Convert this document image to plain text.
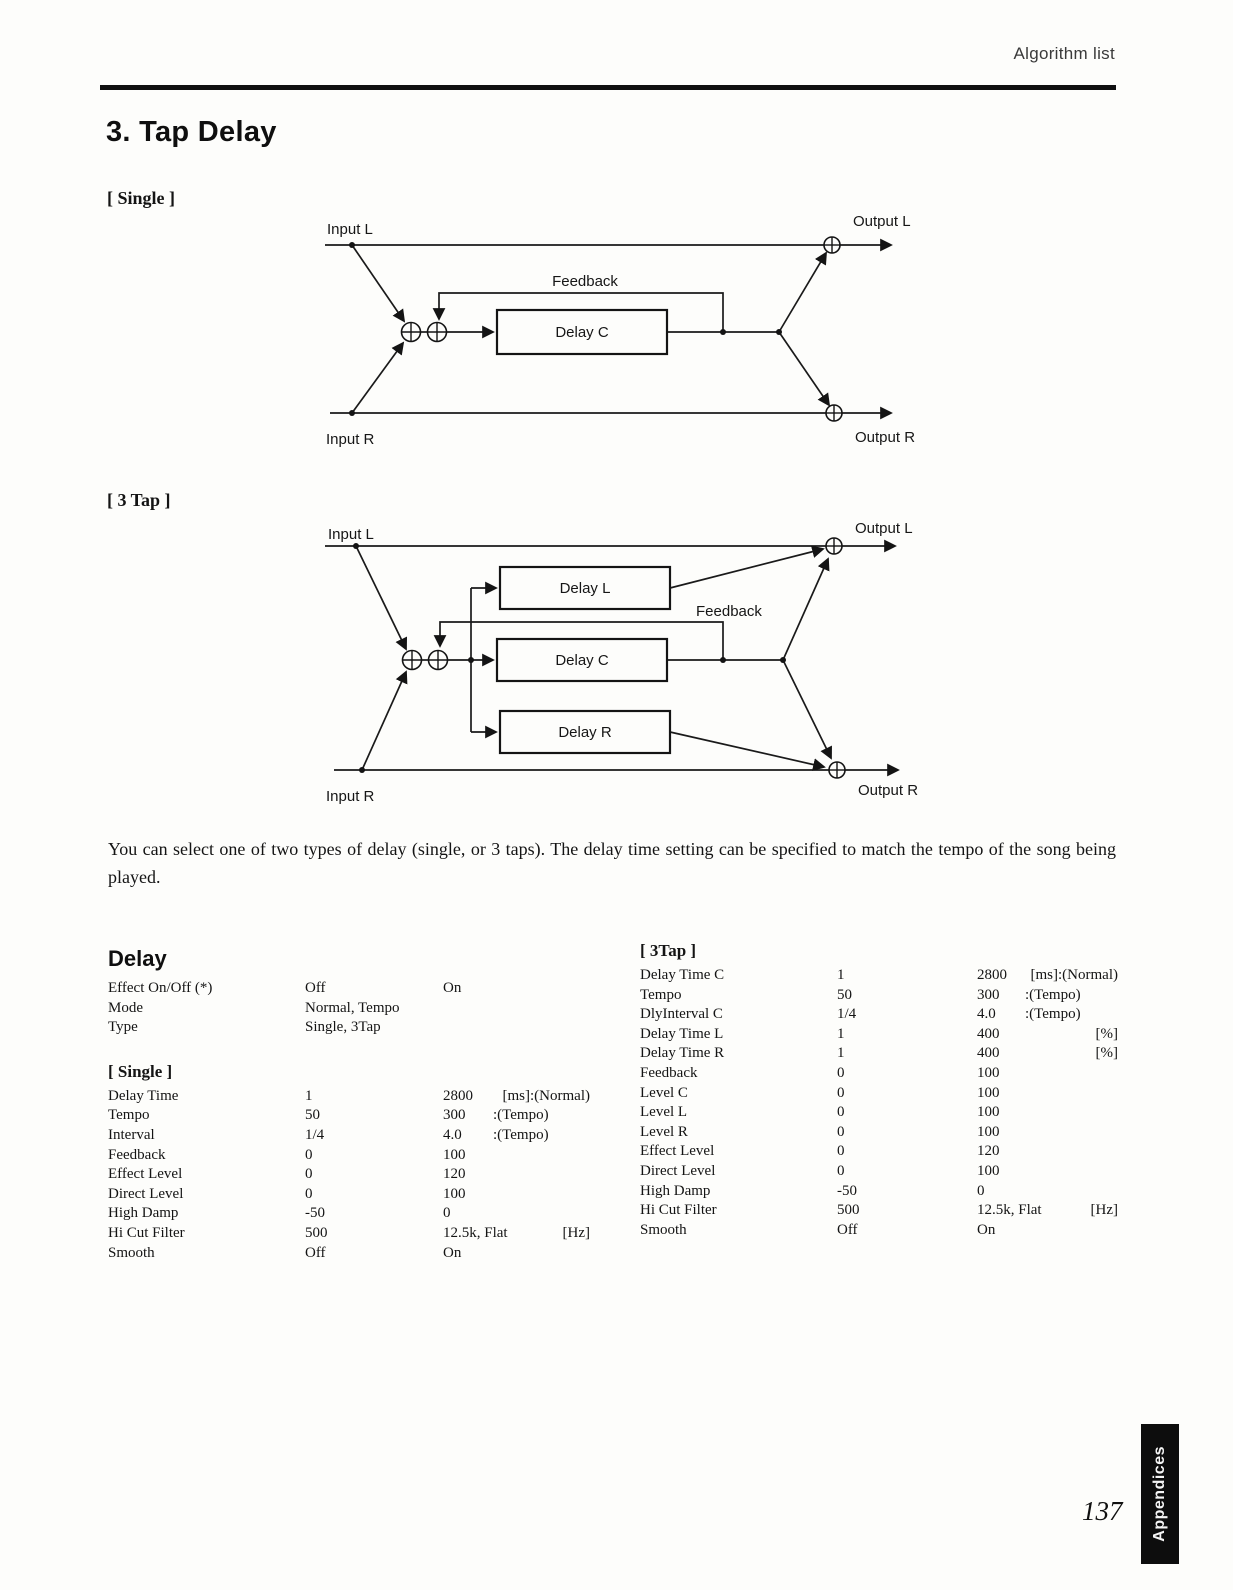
Algorithm list
3. Tap Delay
[ Single ]
Delay C
Input L
Input R
Output L
Output R
Feedback
[ 3 Tap ]
Delay L
Delay C
Delay R
Input L
Input R
Output L
Output R
Feedback

You can select one of two types of delay (single, or 3 taps). The delay time setting can be specified to match the tempo of the song being played.

Delay
Effect On/Off (*)	Off	On
Mode	Normal, Tempo
Type	Single, 3Tap
[ Single ]
Delay Time	1	2800	[ms]:(Normal)
Tempo	50	300	:(Tempo)
Interval	1/4	4.0	:(Tempo)
Feedback	0	100
Effect Level	0	120
Direct Level	0	100
High Damp	-50	0
Hi Cut Filter	500	12.5k, Flat	[Hz]
Smooth	Off	On
[ 3Tap ]
Delay Time C	1	2800	[ms]:(Normal)
Tempo	50	300	:(Tempo)
DlyInterval C	1/4	4.0	:(Tempo)
Delay Time L	1	400	[%]
Delay Time R	1	400	[%]
Feedback	0	100
Level C	0	100
Level L	0	100
Level R	0	100
Effect Level	0	120
Direct Level	0	100
High Damp	-50	0
Hi Cut Filter	500	12.5k, Flat	[Hz]
Smooth	Off	On
Appendices
137
